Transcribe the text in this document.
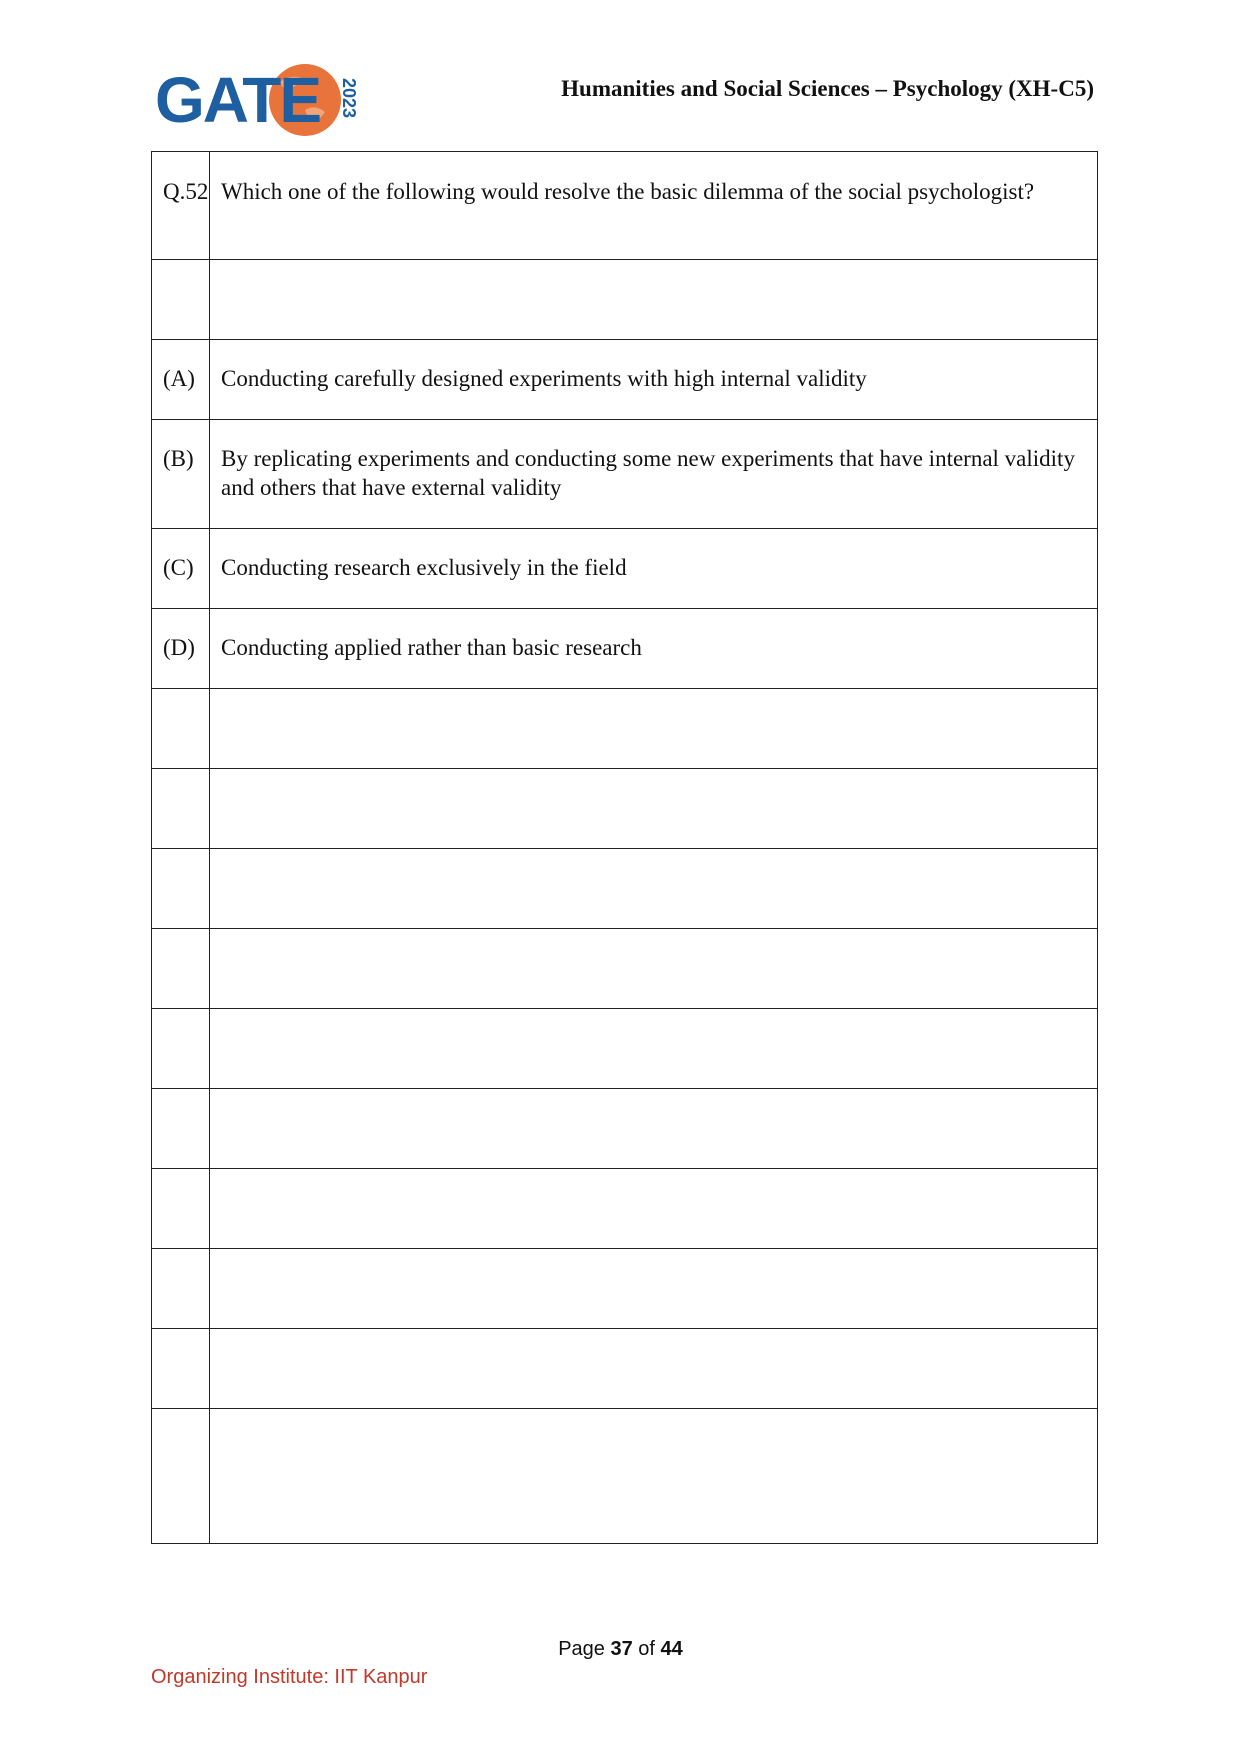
GATE 2023	Humanities and Social Sciences – Psychology (XH-C5)
Q.52	Which one of the following would resolve the basic dilemma of the social psychologist?

(A)	Conducting carefully designed experiments with high internal validity
(B)	By replicating experiments and conducting some new experiments that have internal validity and others that have external validity
(C)	Conducting research exclusively in the field
(D)	Conducting applied rather than basic research

Page 37 of 44
Organizing Institute: IIT Kanpur
